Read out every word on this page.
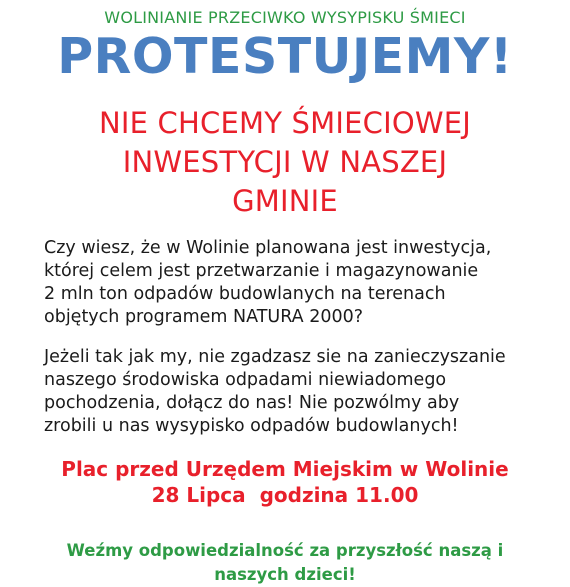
WOLINIANIE PRZECIWKO WYSYPISKU ŚMIECI
PROTESTUJEMY!
NIE CHCEMY ŚMIECIOWEJ
INWESTYCJI W NASZEJ
GMINIE
Czy wiesz, że w Wolinie planowana jest inwestycja,
której celem jest przetwarzanie i magazynowanie
2 mln ton odpadów budowlanych na terenach
objętych programem NATURA 2000?
Jeżeli tak jak my, nie zgadzasz sie na zanieczyszanie
naszego środowiska odpadami niewiadomego
pochodzenia, dołącz do nas! Nie pozwólmy aby
zrobili u nas wysypisko odpadów budowlanych!
Plac przed Urzędem Miejskim w Wolinie
28 Lipca  godzina 11.00
Weźmy odpowiedzialność za przyszłość naszą i
naszych dzieci!
